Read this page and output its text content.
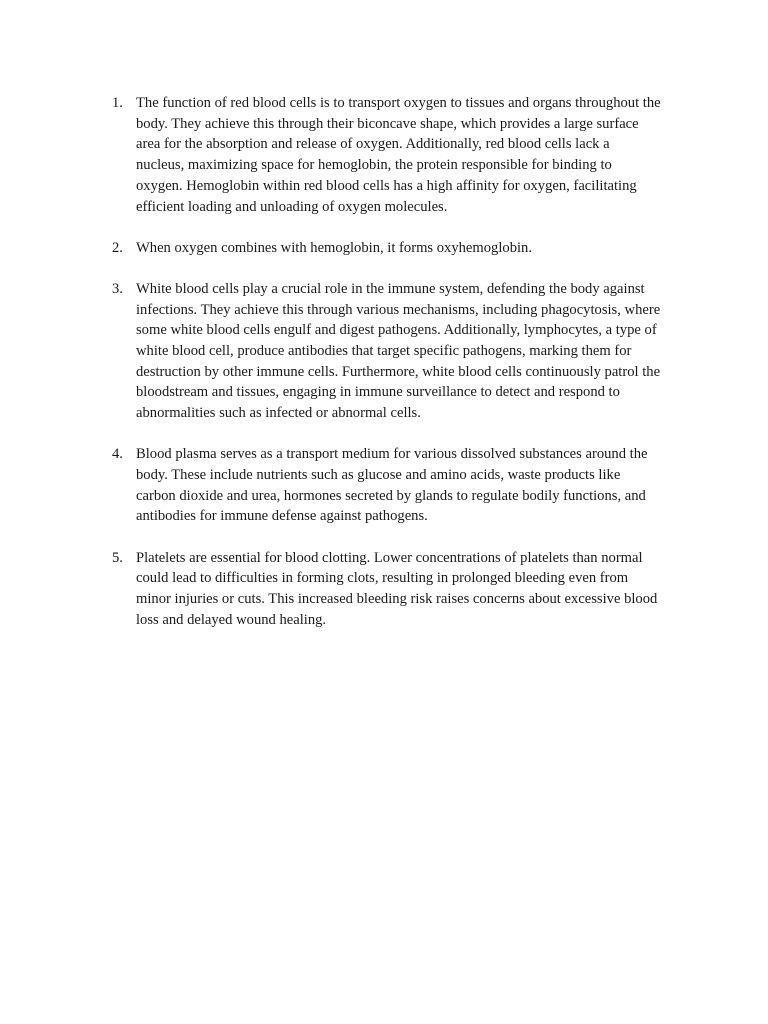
1. The function of red blood cells is to transport oxygen to tissues and organs throughout the
body. They achieve this through their biconcave shape, which provides a large surface
area for the absorption and release of oxygen. Additionally, red blood cells lack a
nucleus, maximizing space for hemoglobin, the protein responsible for binding to
oxygen. Hemoglobin within red blood cells has a high affinity for oxygen, facilitating
efficient loading and unloading of oxygen molecules.
2. When oxygen combines with hemoglobin, it forms oxyhemoglobin.
3. White blood cells play a crucial role in the immune system, defending the body against
infections. They achieve this through various mechanisms, including phagocytosis, where
some white blood cells engulf and digest pathogens. Additionally, lymphocytes, a type of
white blood cell, produce antibodies that target specific pathogens, marking them for
destruction by other immune cells. Furthermore, white blood cells continuously patrol the
bloodstream and tissues, engaging in immune surveillance to detect and respond to
abnormalities such as infected or abnormal cells.
4. Blood plasma serves as a transport medium for various dissolved substances around the
body. These include nutrients such as glucose and amino acids, waste products like
carbon dioxide and urea, hormones secreted by glands to regulate bodily functions, and
antibodies for immune defense against pathogens.
5. Platelets are essential for blood clotting. Lower concentrations of platelets than normal
could lead to difficulties in forming clots, resulting in prolonged bleeding even from
minor injuries or cuts. This increased bleeding risk raises concerns about excessive blood
loss and delayed wound healing.
